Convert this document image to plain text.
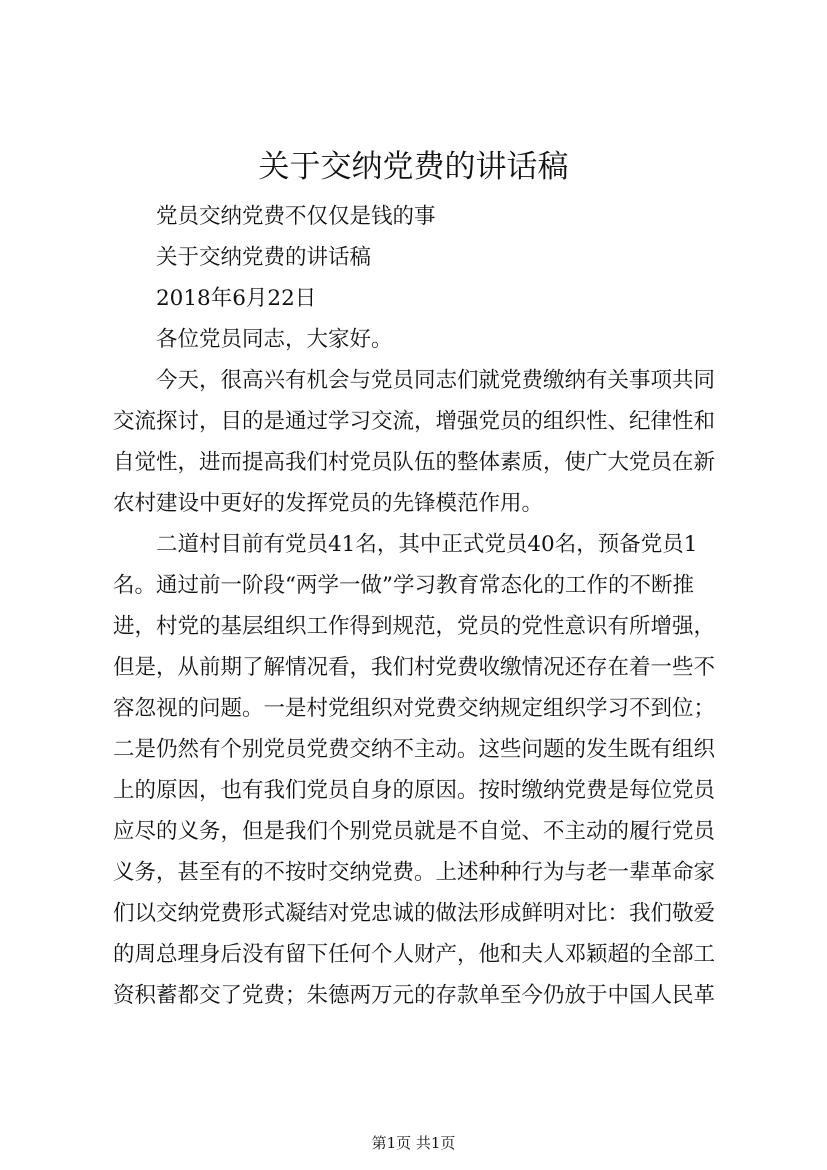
关于交纳党费的讲话稿
党员交纳党费不仅仅是钱的事
关于交纳党费的讲话稿
2018年6月22日
各位党员同志，大家好。
今天，很高兴有机会与党员同志们就党费缴纳有关事项共同
交流探讨，目的是通过学习交流，增强党员的组织性、纪律性和
自觉性，进而提高我们村党员队伍的整体素质，使广大党员在新
农村建设中更好的发挥党员的先锋模范作用。
二道村目前有党员41名，其中正式党员40名，预备党员1
名。通过前一阶段“两学一做”学习教育常态化的工作的不断推
进，村党的基层组织工作得到规范，党员的党性意识有所增强，
但是，从前期了解情况看，我们村党费收缴情况还存在着一些不
容忽视的问题。一是村党组织对党费交纳规定组织学习不到位；
二是仍然有个别党员党费交纳不主动。这些问题的发生既有组织
上的原因，也有我们党员自身的原因。按时缴纳党费是每位党员
应尽的义务，但是我们个别党员就是不自觉、不主动的履行党员
义务，甚至有的不按时交纳党费。上述种种行为与老一辈革命家
们以交纳党费形式凝结对党忠诚的做法形成鲜明对比：我们敬爱
的周总理身后没有留下任何个人财产，他和夫人邓颖超的全部工
资积蓄都交了党费；朱德两万元的存款单至今仍放于中国人民革
第1页 共1页
